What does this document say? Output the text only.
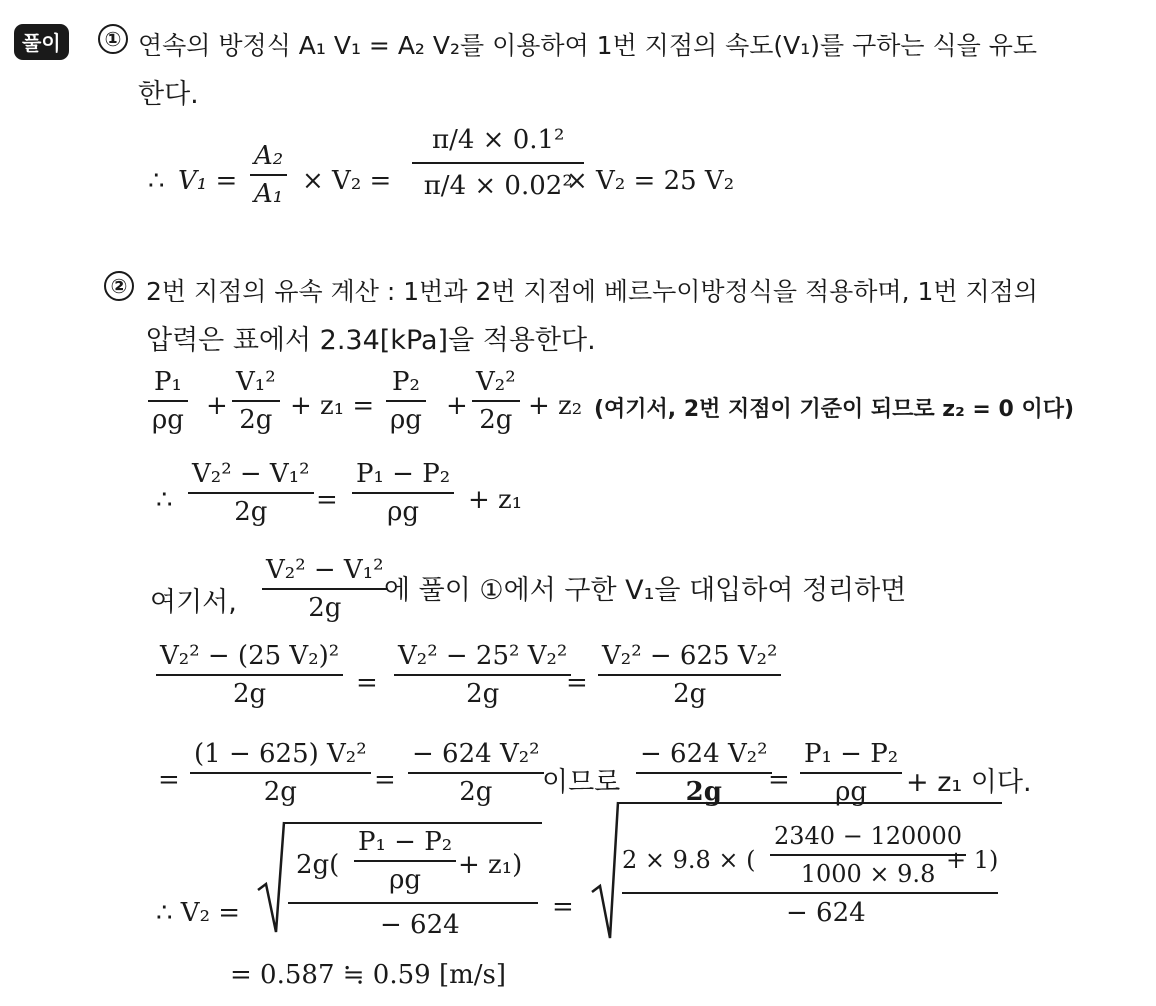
풀이	① 연속의 방정식 A₁ V₁ = A₂ V₂를 이용하여 1번 지점의 속도(V₁)를 구하는 식을 유도
한다.
∴ V₁ =
A₂
A₁ × V₂ =
π/4 × 0.1²
π/4 × 0.02²
× V₂ = 25 V₂
② 2번 지점의 유속 계산 : 1번과 2번 지점에 베르누이방정식을 적용하며, 1번 지점의
압력은 표에서 2.34[kPa]을 적용한다.
P₁
ρg +
V₁²
2g + z₁ =
P₂
ρg +
V₂²
2g + z₂ (여기서, 2번 지점이 기준이 되므로 z₂ = 0 이다)
∴
V₂² − V₁²
2g =
P₁ − P₂
ρg + z₁
여기서,
V₂² − V₁²
2g
에 풀이 ①에서 구한 V₁을 대입하여 정리하면
V₂² − (25 V₂)²
2g	=
V₂² − 25² V₂²
2g	=
V₂² − 625 V₂²
2g
=
(1 − 625) V₂²
2g	=
− 624 V₂²
2g 이므로
− 624 V₂²
2g =
P₁ − P₂
ρg + z₁ 이다.
∴ V₂ =
2g(
P₁ − P₂
ρg + z₁)
− 624
=
2 × 9.8 × (
2340 − 120000
1000 × 9.8 + 1)
− 624
= 0.587 ≒ 0.59 [m/s]
